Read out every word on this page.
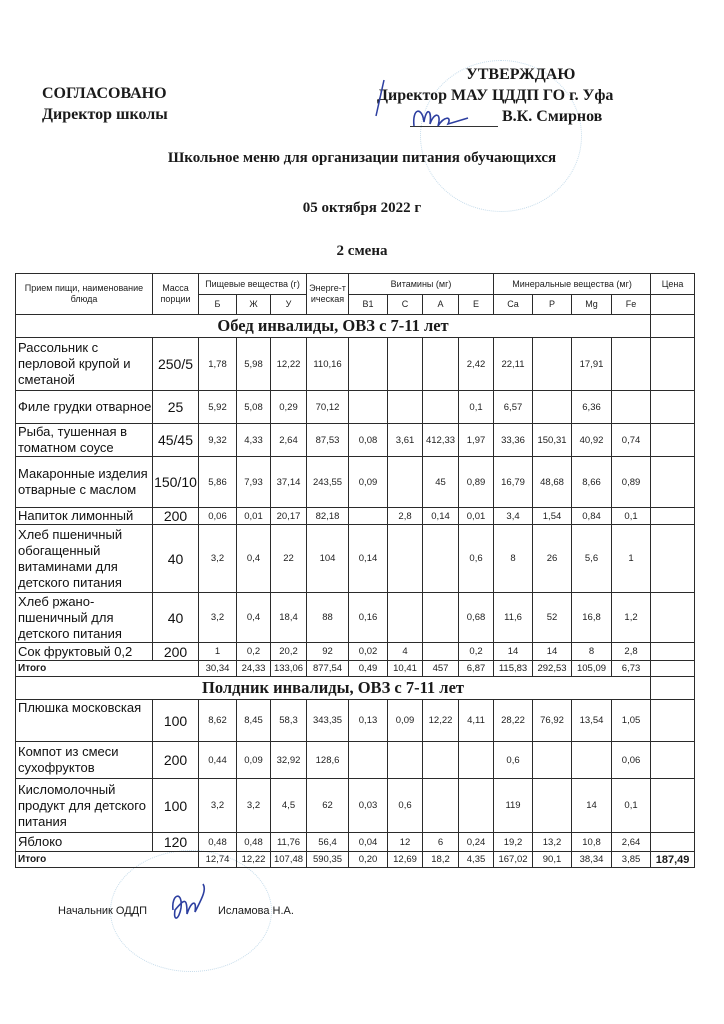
СОГЛАСОВАНО
Директор школы
УТВЕРЖДАЮ
Директор МАУ ЦДДП ГО г. Уфа
В.К. Смирнов
Школьное меню для организации питания обучающихся
05 октября 2022 г
2 смена
Прием пищи, наименование блюда	Масса порции	Пищевые вещества (г)			Энерге-тическая	Витамины (мг)				Минеральные вещества (мг)				Цена
		Б	Ж	У		В1	С	А	Е	Ca	P	Mg	Fe	
Обед инвалиды, ОВЗ с 7-11 лет														
Рассольник с перловой крупой и сметаной	250/5	1,78	5,98	12,22	110,16				2,42	22,11		17,91		
Филе грудки отварное	25	5,92	5,08	0,29	70,12				0,1	6,57		6,36		
Рыба, тушенная в томатном соусе	45/45	9,32	4,33	2,64	87,53	0,08	3,61	412,33	1,97	33,36	150,31	40,92	0,74	
Макаронные изделия отварные с маслом	150/10	5,86	7,93	37,14	243,55	0,09		45	0,89	16,79	48,68	8,66	0,89	
Напиток лимонный	200	0,06	0,01	20,17	82,18		2,8	0,14	0,01	3,4	1,54	0,84	0,1	
Хлеб пшеничный обогащенный витаминами для детского питания	40	3,2	0,4	22	104	0,14			0,6	8	26	5,6	1	
Хлеб ржано-пшеничный для детского питания	40	3,2	0,4	18,4	88	0,16			0,68	11,6	52	16,8	1,2	
Сок фруктовый 0,2	200	1	0,2	20,2	92	0,02	4		0,2	14	14	8	2,8	
Итого		30,34	24,33	133,06	877,54	0,49	10,41	457	6,87	115,83	292,53	105,09	6,73	
Полдник инвалиды, ОВЗ с 7-11 лет														
Плюшка московская	100	8,62	8,45	58,3	343,35	0,13	0,09	12,22	4,11	28,22	76,92	13,54	1,05	
Компот из смеси сухофруктов	200	0,44	0,09	32,92	128,6					0,6			0,06	
Кисломолочный продукт для детского питания	100	3,2	3,2	4,5	62	0,03	0,6			119		14	0,1	
Яблоко	120	0,48	0,48	11,76	56,4	0,04	12	6	0,24	19,2	13,2	10,8	2,64	
Итого		12,74	12,22	107,48	590,35	0,20	12,69	18,2	4,35	167,02	90,1	38,34	3,85	187,49
Начальник ОДДП	Исламова Н.А.
